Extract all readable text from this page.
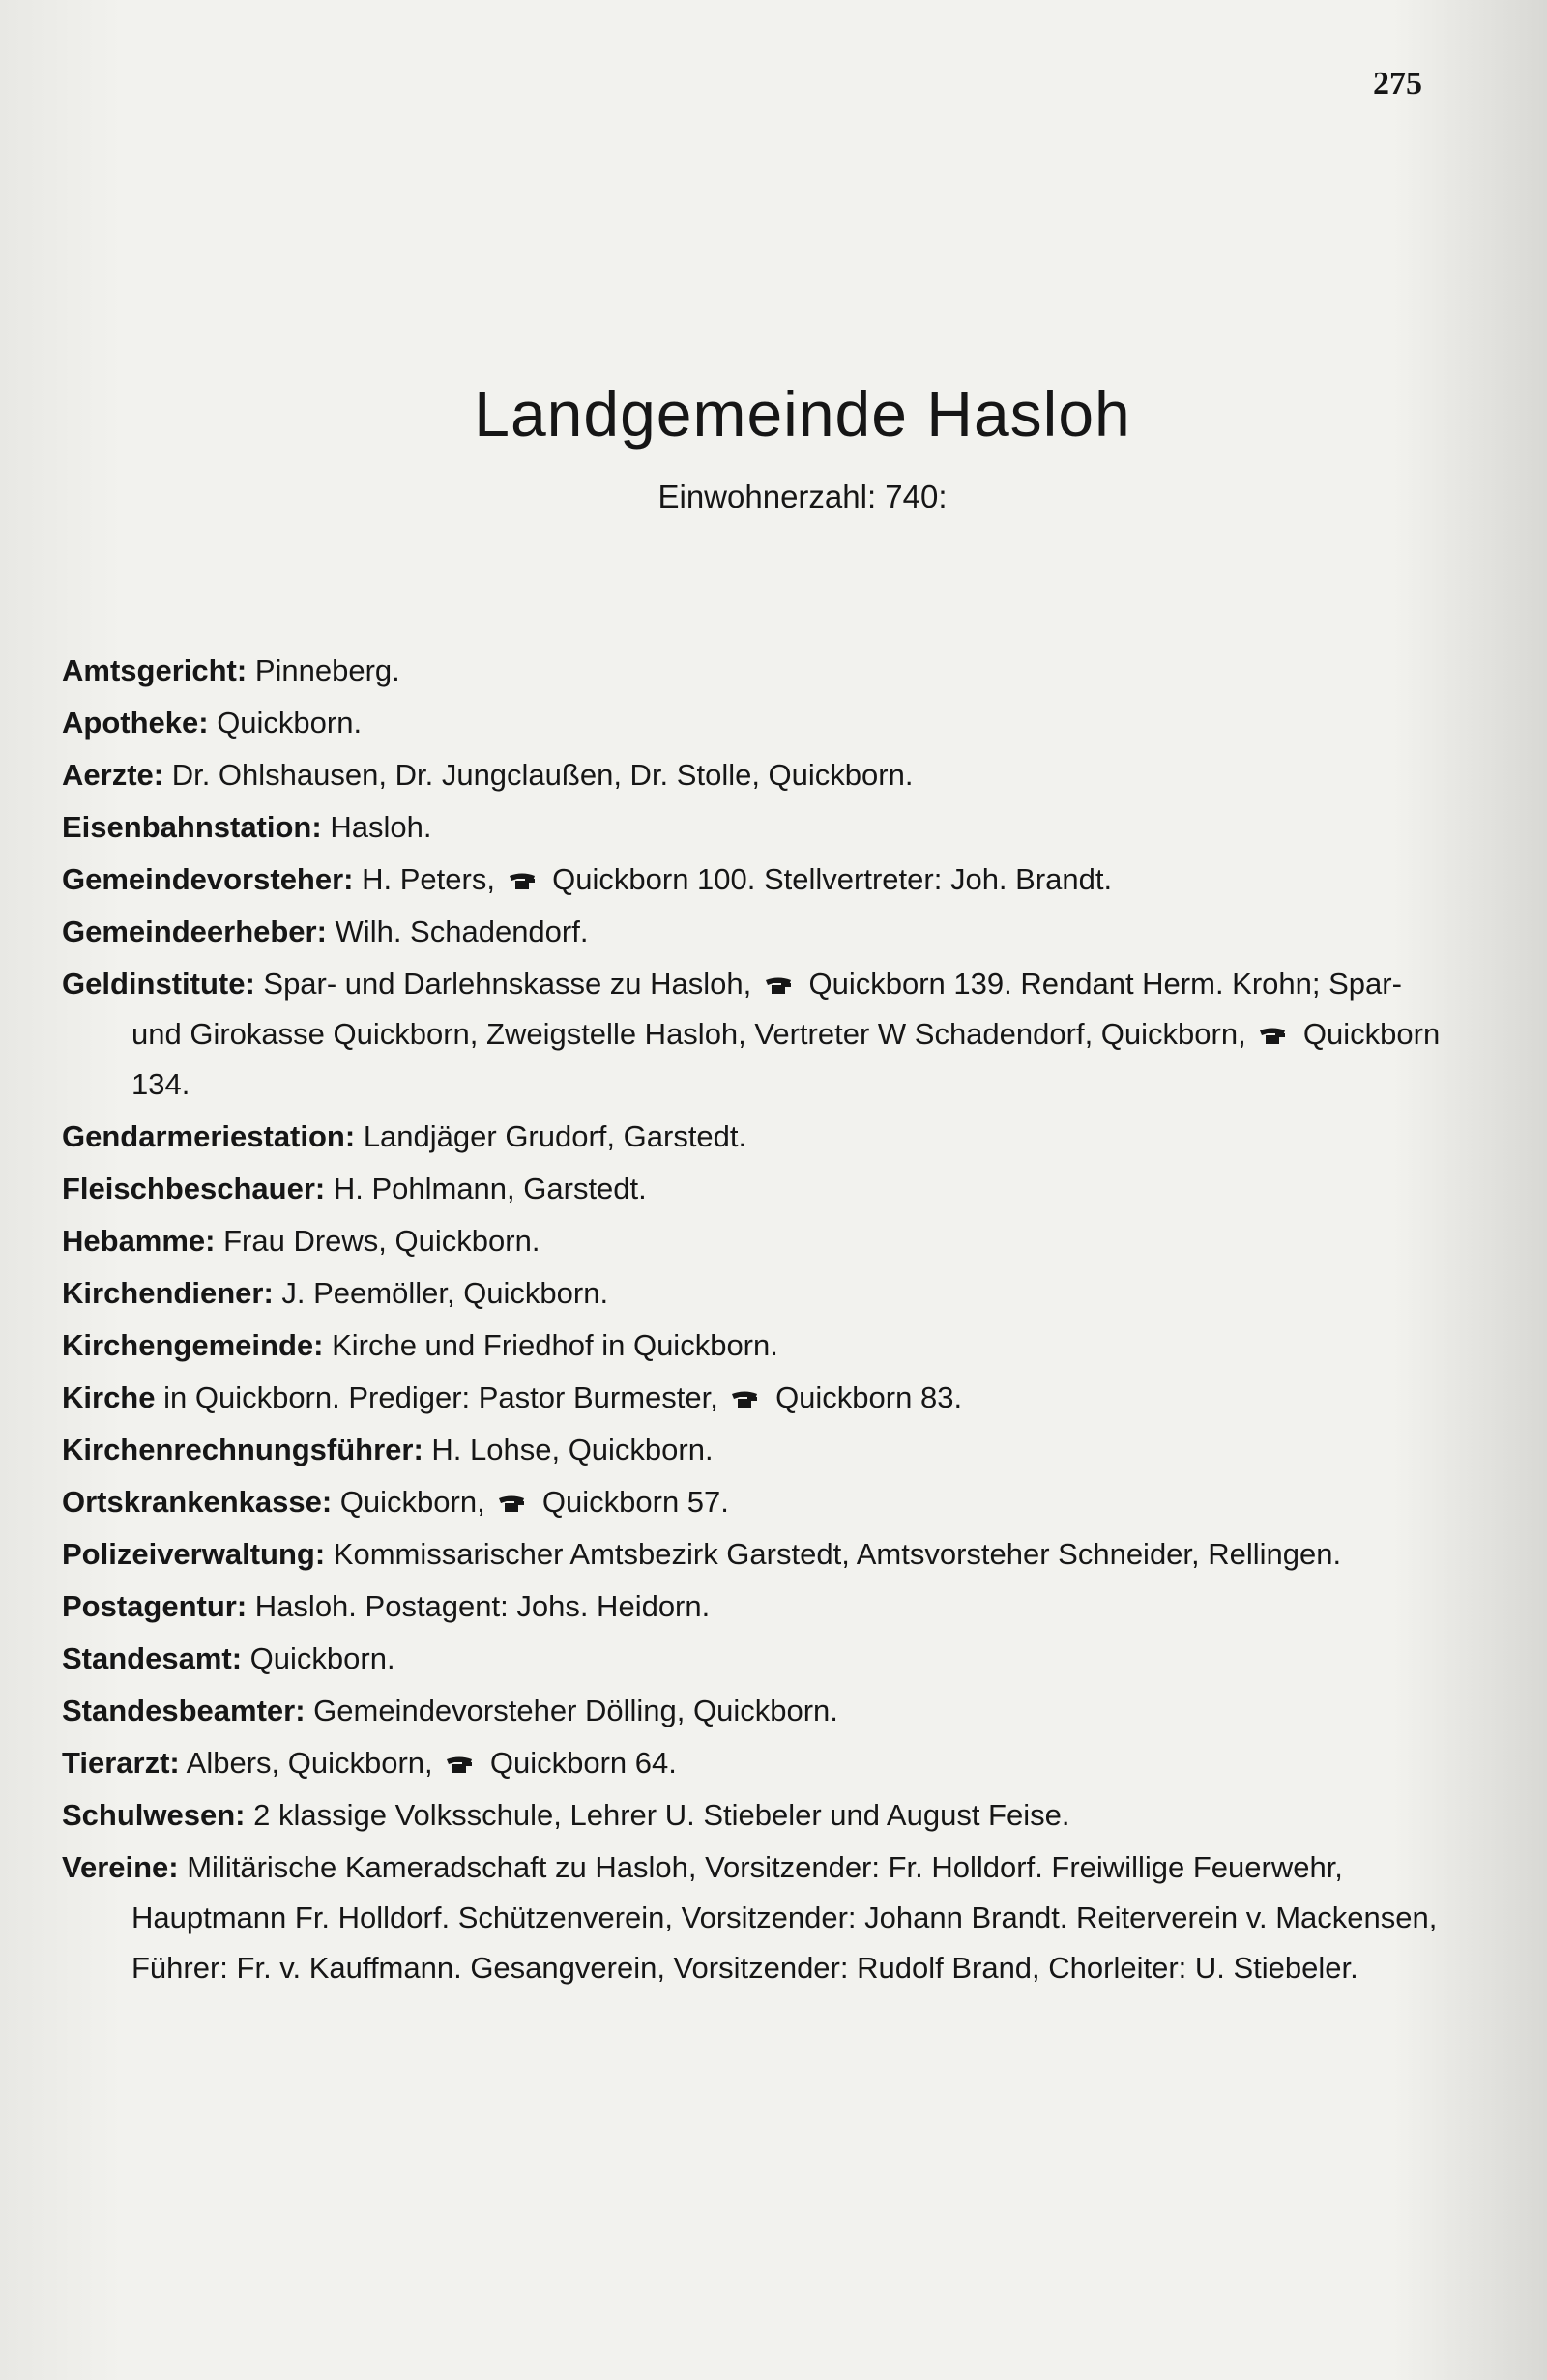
275
Landgemeinde Hasloh
Einwohnerzahl: 740:
Amtsgericht: Pinneberg.
Apotheke: Quickborn.
Aerzte: Dr. Ohlshausen, Dr. Jungclaußen, Dr. Stolle, Quickborn.
Eisenbahnstation: Hasloh.
Gemeindevorsteher: H. Peters,
Quickborn 100. Stellvertreter: Joh. Brandt.
Gemeindeerheber: Wilh. Schadendorf.
Geldinstitute: Spar- und Darlehnskasse zu Hasloh,
Quickborn 139. Rendant Herm. Krohn; Spar- und Girokasse Quickborn, Zweigstelle Hasloh, Vertreter W Schadendorf, Quickborn,
Quickborn 134.
Gendarmeriestation: Landjäger Grudorf, Garstedt.
Fleischbeschauer: H. Pohlmann, Garstedt.
Hebamme: Frau Drews, Quickborn.
Kirchendiener: J. Peemöller, Quickborn.
Kirchengemeinde: Kirche und Friedhof in Quickborn.
Kirche in Quickborn. Prediger: Pastor Burmester,
Quickborn 83.
Kirchenrechnungsführer: H. Lohse, Quickborn.
Ortskrankenkasse: Quickborn,
Quickborn 57.
Polizeiverwaltung: Kommissarischer Amtsbezirk Garstedt, Amtsvorsteher Schneider, Rellingen.
Postagentur: Hasloh. Postagent: Johs. Heidorn.
Standesamt: Quickborn.
Standesbeamter: Gemeindevorsteher Dölling, Quickborn.
Tierarzt: Albers, Quickborn,
Quickborn 64.
Schulwesen: 2 klassige Volksschule, Lehrer U. Stiebeler und August Feise.
Vereine: Militärische Kameradschaft zu Hasloh, Vorsitzender: Fr. Holldorf. Freiwillige Feuerwehr, Hauptmann Fr. Holldorf. Schützenverein, Vorsitzender: Johann Brandt. Reiterverein v. Mackensen, Führer: Fr. v. Kauffmann. Gesangverein, Vorsitzender: Rudolf Brand, Chorleiter: U. Stiebeler.
